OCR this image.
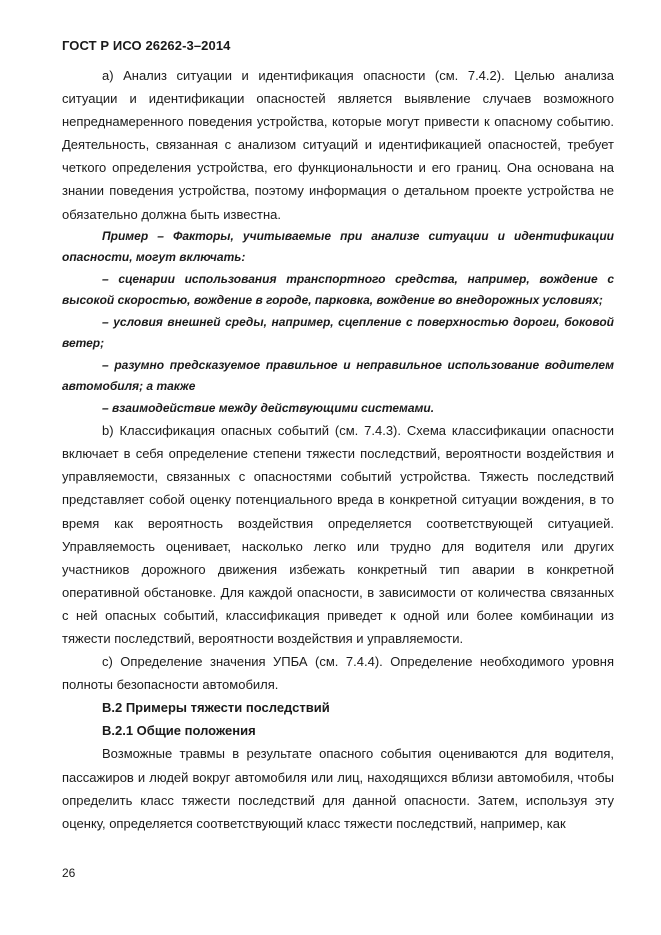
ГОСТ Р ИСО 26262-3–2014

а) Анализ ситуации и идентификация опасности (см. 7.4.2). Целью анализа ситуации и идентификации опасностей является выявление случаев возможного непреднамеренного поведения устройства, которые могут привести к опасному событию. Деятельность, связанная с анализом ситуаций и идентификацией опасностей, требует четкого определения устройства, его функциональности и его границ. Она основана на знании поведения устройства, поэтому информация о детальном проекте устройства не обязательно должна быть известна.

Пример – Факторы, учитываемые при анализе ситуации и идентификации опасности, могут включать:

– сценарии использования транспортного средства, например, вождение с высокой скоростью, вождение в городе, парковка, вождение во внедорожных условиях;

– условия внешней среды, например, сцепление с поверхностью дороги, боковой ветер;

– разумно предсказуемое правильное и неправильное использование водителем автомобиля; а также

– взаимодействие между действующими системами.

b) Классификация опасных событий (см. 7.4.3). Схема классификации опасности включает в себя определение степени тяжести последствий, вероятности воздействия и управляемости, связанных с опасностями событий устройства. Тяжесть последствий представляет собой оценку потенциального вреда в конкретной ситуации вождения, в то время как вероятность воздействия определяется соответствующей ситуацией. Управляемость оценивает, насколько легко или трудно для водителя или других участников дорожного движения избежать конкретный тип аварии в конкретной оперативной обстановке. Для каждой опасности, в зависимости от количества связанных с ней опасных событий, классификация приведет к одной или более комбинации из тяжести последствий, вероятности воздействия и управляемости.

c) Определение значения УПБА (см. 7.4.4). Определение необходимого уровня полноты безопасности автомобиля.

В.2 Примеры тяжести последствий

В.2.1 Общие положения

Возможные травмы в результате опасного события оцениваются для водителя, пассажиров и людей вокруг автомобиля или лиц, находящихся вблизи автомобиля, чтобы определить класс тяжести последствий для данной опасности. Затем, используя эту оценку, определяется соответствующий класс тяжести последствий, например, как

26
